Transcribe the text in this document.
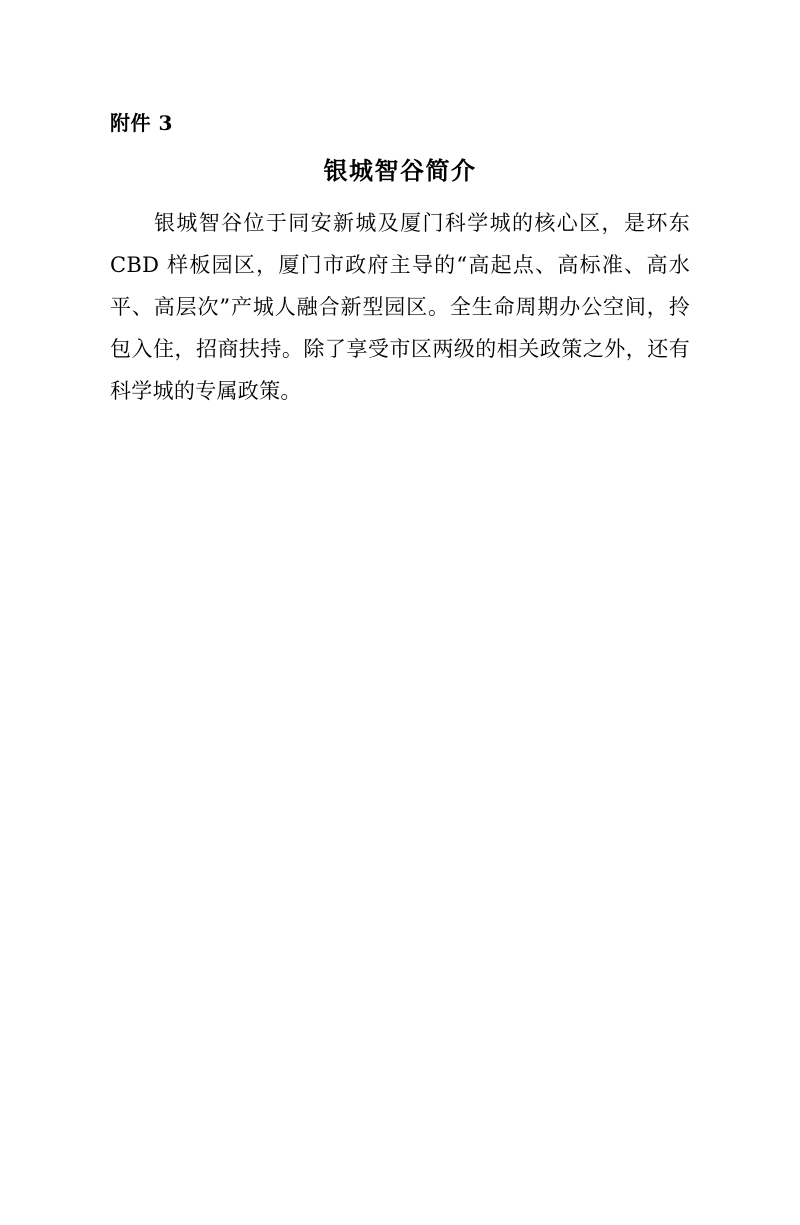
附件 3
银城智谷简介

银城智谷位于同安新城及厦门科学城的核心区，是环东 CBD 样板园区，厦门市政府主导的“高起点、高标准、高水平、高层次”产城人融合新型园区。全生命周期办公空间，拎包入住，招商扶持。除了享受市区两级的相关政策之外，还有科学城的专属政策。
